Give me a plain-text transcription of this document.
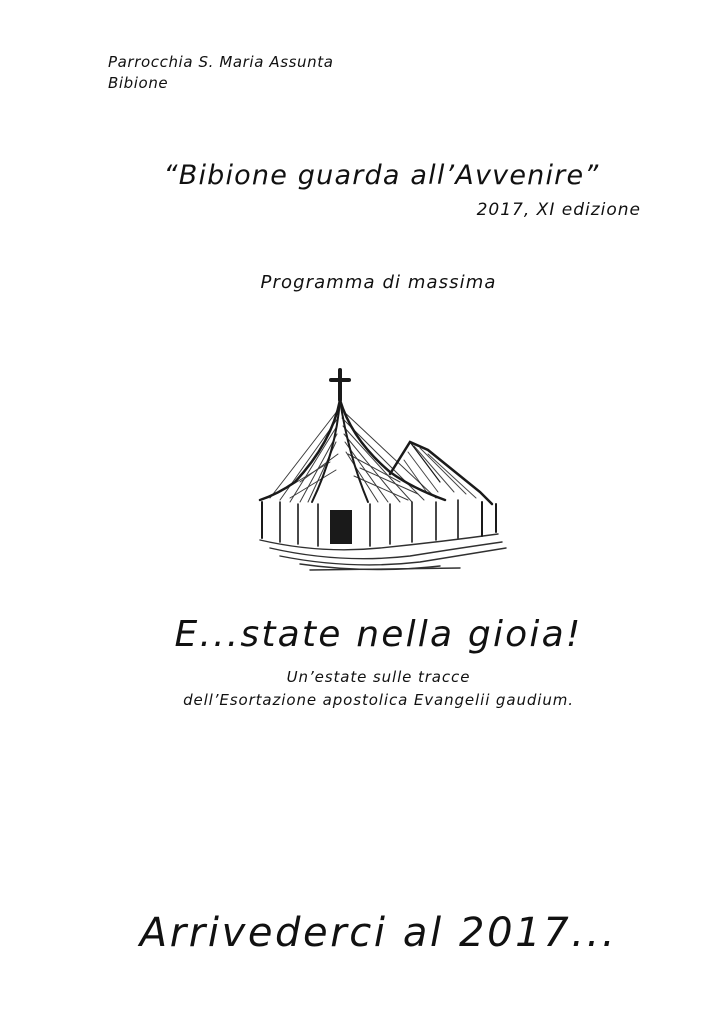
Parrocchia S. Maria Assunta
Bibione
“Bibione guarda all’Avvenire”
2017, XI edizione
Programma di massima
E...state nella gioia!
Un’estate sulle tracce
dell’Esortazione apostolica Evangelii gaudium.
Arrivederci al 2017...
